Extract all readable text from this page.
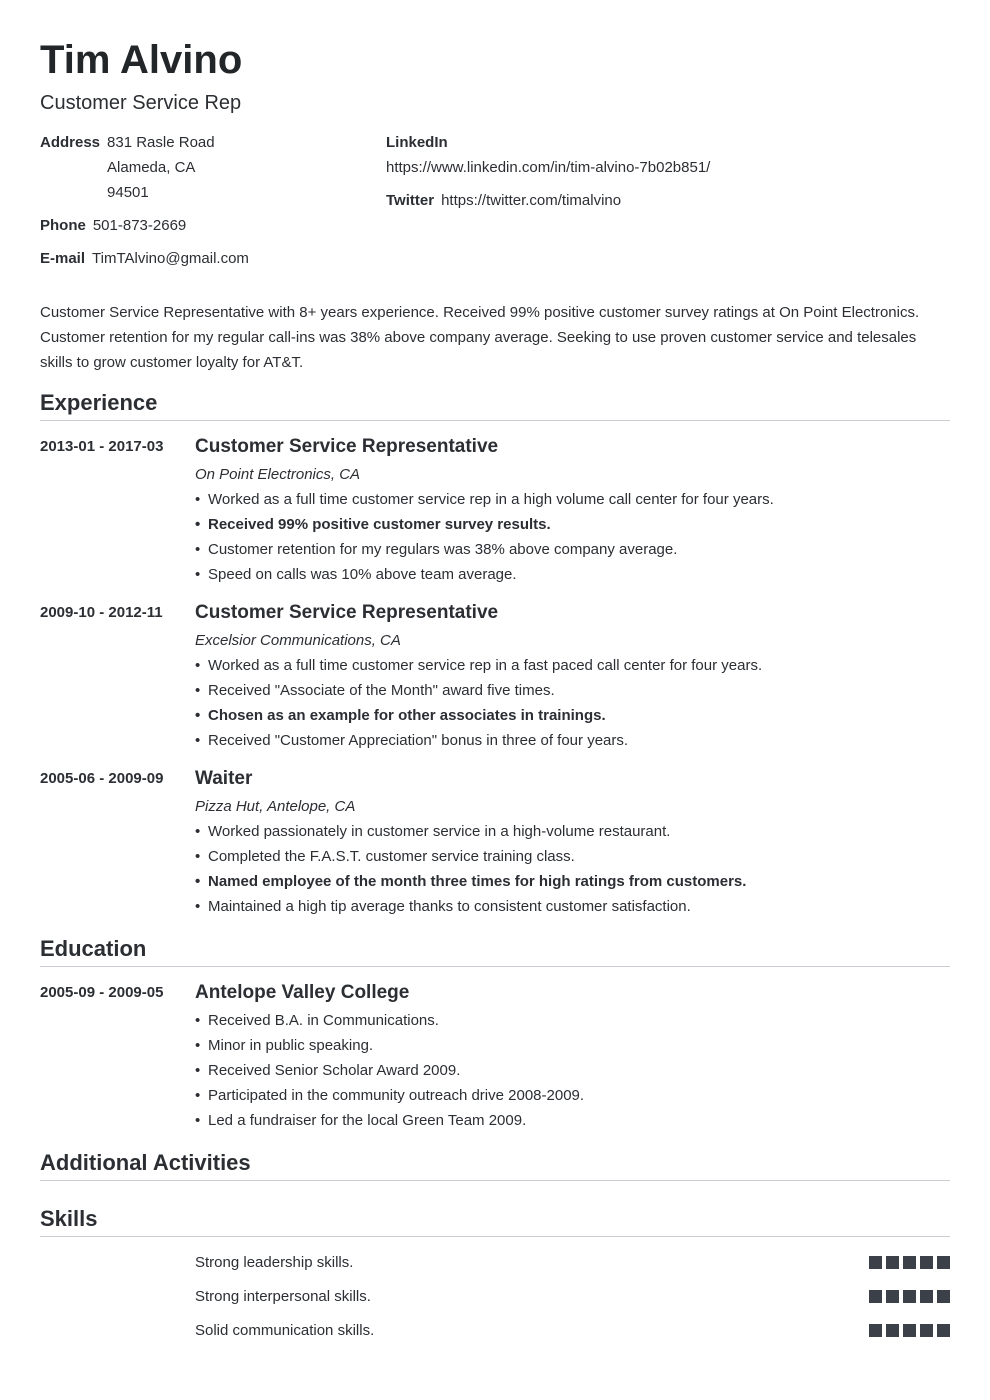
Tim Alvino
Customer Service Rep
Address 831 Rasle Road
Alameda, CA
94501
Phone 501-873-2669
E-mail TimTAlvino@gmail.com
LinkedIn
https://www.linkedin.com/in/tim-alvino-7b02b851/
Twitter https://twitter.com/timalvino
Customer Service Representative with 8+ years experience. Received 99% positive customer survey ratings at On Point Electronics. Customer retention for my regular call-ins was 38% above company average. Seeking to use proven customer service and telesales skills to grow customer loyalty for AT&T.
Experience
2013-01 - 2017-03	Customer Service Representative
On Point Electronics, CA
• Worked as a full time customer service rep in a high volume call center for four years.
• Received 99% positive customer survey results.
• Customer retention for my regulars was 38% above company average.
• Speed on calls was 10% above team average.
2009-10 - 2012-11	Customer Service Representative
Excelsior Communications, CA
• Worked as a full time customer service rep in a fast paced call center for four years.
• Received "Associate of the Month" award five times.
• Chosen as an example for other associates in trainings.
• Received "Customer Appreciation" bonus in three of four years.
2005-06 - 2009-09	Waiter
Pizza Hut, Antelope, CA
• Worked passionately in customer service in a high-volume restaurant.
• Completed the F.A.S.T. customer service training class.
• Named employee of the month three times for high ratings from customers.
• Maintained a high tip average thanks to consistent customer satisfaction.
Education
2005-09 - 2009-05	Antelope Valley College
• Received B.A. in Communications.
• Minor in public speaking.
• Received Senior Scholar Award 2009.
• Participated in the community outreach drive 2008-2009.
• Led a fundraiser for the local Green Team 2009.
Additional Activities
Skills
Strong leadership skills.
Strong interpersonal skills.
Solid communication skills.
